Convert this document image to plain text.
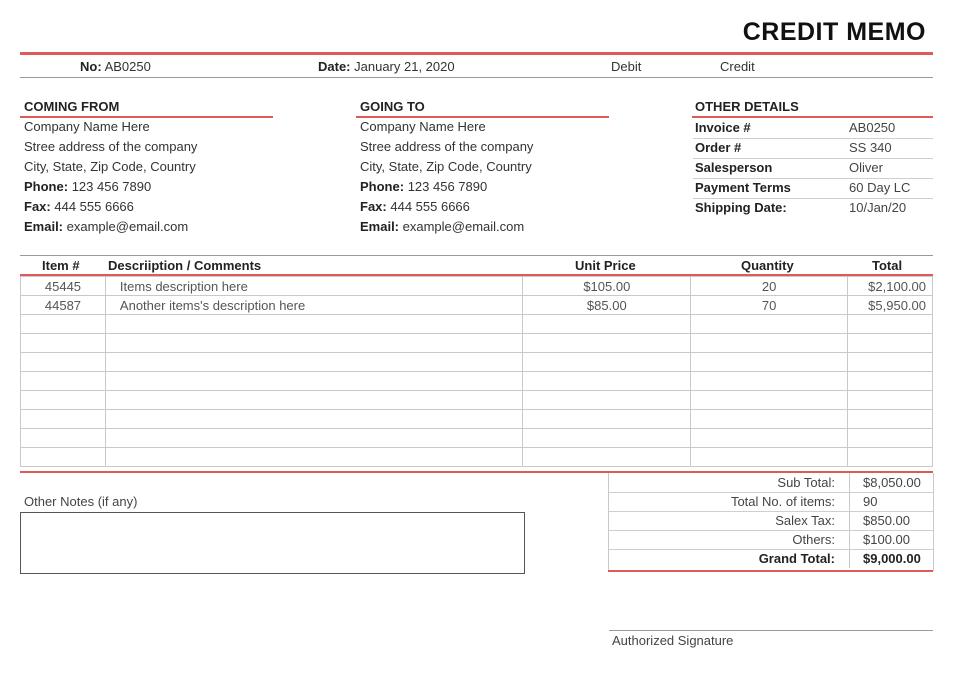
CREDIT MEMO
No: AB0250	Date: January 21, 2020	Debit	Credit
COMING FROM
Company Name Here
Stree address of the company
City, State, Zip Code, Country
Phone: 123 456 7890
Fax: 444 555 6666
Email: example@email.com
GOING TO
Company Name Here
Stree address of the company
City, State, Zip Code, Country
Phone: 123 456 7890
Fax: 444 555 6666
Email: example@email.com
OTHER DETAILS
Invoice #	AB0250
Order #	SS 340
Salesperson	Oliver
Payment Terms	60 Day LC
Shipping Date:	10/Jan/20
Item # Descriiption / Comments	Unit Price	Quantity	Total
45445	Items description here	$105.00	20	$2,100.00
44587	Another items's description here	$85.00	70	$5,950.00

Other Notes (if any)
Sub Total: $8,050.00
Total No. of items: 90
Salex Tax: $850.00
Others: $100.00
Grand Total: $9,000.00
Authorized Signature
